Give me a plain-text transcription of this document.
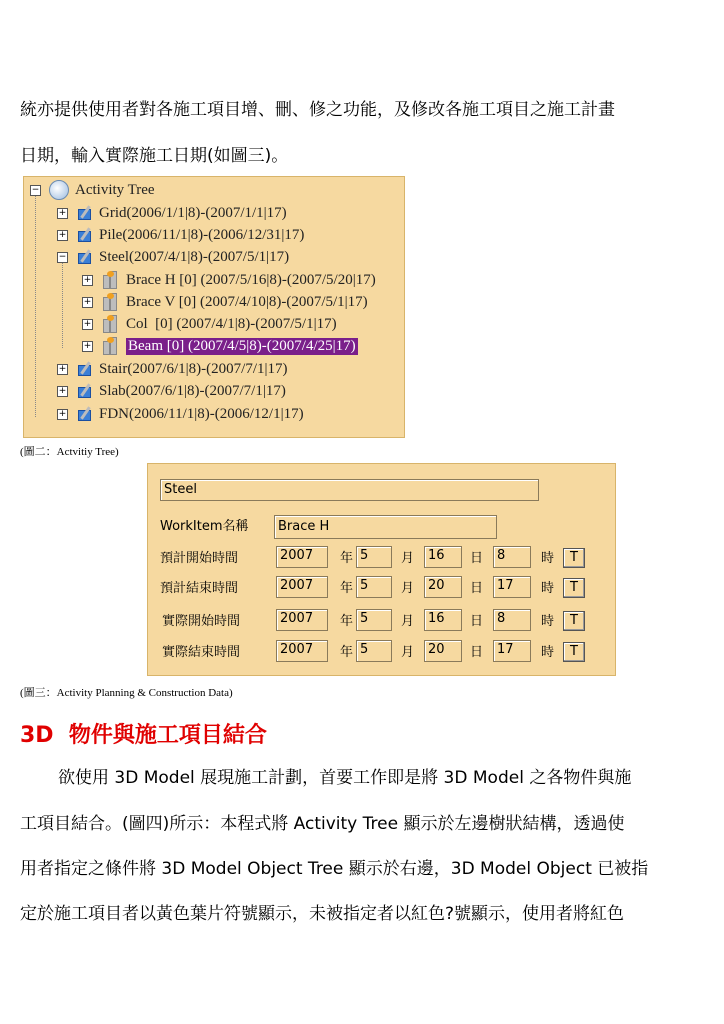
統亦提供使用者對各施工項目增、刪、修之功能，及修改各施工項目之施工計畫
日期，輸入實際施工日期(如圖三)。
− Activity Tree
+ Grid(2006/1/1|8)-(2007/1/1|17)
+ Pile(2006/11/1|8)-(2006/12/31|17)
− Steel(2007/4/1|8)-(2007/5/1|17)
+ Brace H [0] (2007/5/16|8)-(2007/5/20|17)
+ Brace V [0] (2007/4/10|8)-(2007/5/1|17)
+ Col  [0] (2007/4/1|8)-(2007/5/1|17)
+ Beam [0] (2007/4/5|8)-(2007/4/25|17)
+ Stair(2007/6/1|8)-(2007/7/1|17)
+ Slab(2007/6/1|8)-(2007/7/1|17)
+ FDN(2006/11/1|8)-(2006/12/1|17)
(圖二：Actvitiy Tree)
Steel
WorkItem名稱	Brace H
預計開始時間	2007	年 5	月	16	日	8	時	T
預計結束時間	2007	年 5	月	20	日	17	時	T
實際開始時間	2007	年 5	月	16	日	8	時	T
實際結束時間	2007	年 5	月	20	日	17	時	T
(圖三：Activity Planning & Construction Data)
3D  物件與施工項目結合
欲使用 3D Model 展現施工計劃，首要工作即是將 3D Model 之各物件與施
工項目結合。(圖四)所示：本程式將 Activity Tree 顯示於左邊樹狀結構，透過使
用者指定之條件將 3D Model Object Tree 顯示於右邊，3D Model Object 已被指
定於施工項目者以黃色葉片符號顯示，未被指定者以紅色?號顯示，使用者將紅色
